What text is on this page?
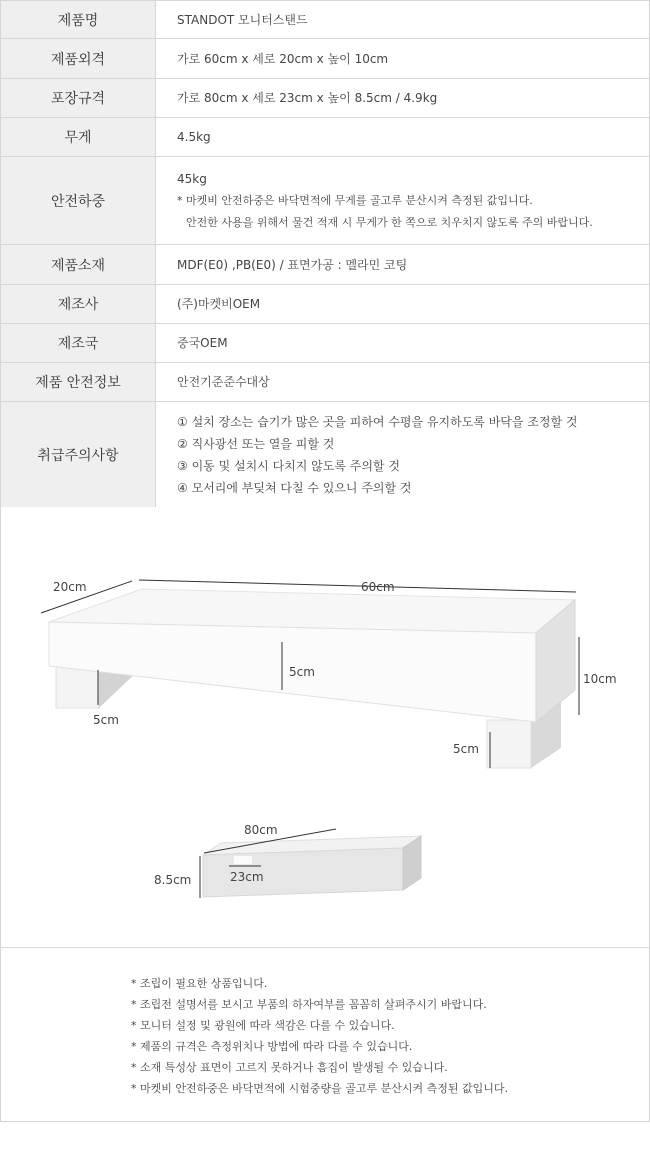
제품명	STANDOT 모니터스탠드
제품외격	가로 60cm x 세로 20cm x 높이 10cm
포장규격	가로 80cm x 세로 23cm x 높이 8.5cm / 4.9kg
무게	4.5kg
안전하중	45kg
* 마켓비 안전하중은 바닥면적에 무게를 골고루 분산시켜 측정된 값입니다.
안전한 사용을 위해서 물건 적재 시 무게가 한 쪽으로 치우치지 않도록 주의 바랍니다.

제품소재	MDF(E0) ,PB(E0) / 표면가공 : 멜라민 코팅
제조사	(주)마켓비OEM
제조국	중국OEM
제품 안전정보	안전기준준수대상
취급주의사항	① 설치 장소는 습기가 많은 곳을 피하여 수평을 유지하도록 바닥을 조정할 것
② 직사광선 또는 열을 피할 것
③ 이동 및 설치시 다치지 않도록 주의할 것
④ 모서리에 부딪쳐 다칠 수 있으니 주의할 것
20cm	60cm
10cm
5cm
5cm
5cm
80cm
8.5cm	23cm
* 조립이 필요한 상품입니다.
* 조립전 설명서를 보시고 부품의 하자여부를 꼼꼼히 살펴주시기 바랍니다.
* 모니터 설정 및 광원에 따라 색감은 다를 수 있습니다.
* 제품의 규격은 측정위치나 방법에 따라 다를 수 있습니다.
* 소재 특성상 표면이 고르지 못하거나 흠집이 발생될 수 있습니다.
* 마켓비 안전하중은 바닥면적에 시험중량을 골고루 분산시켜 측정된 값입니다.
